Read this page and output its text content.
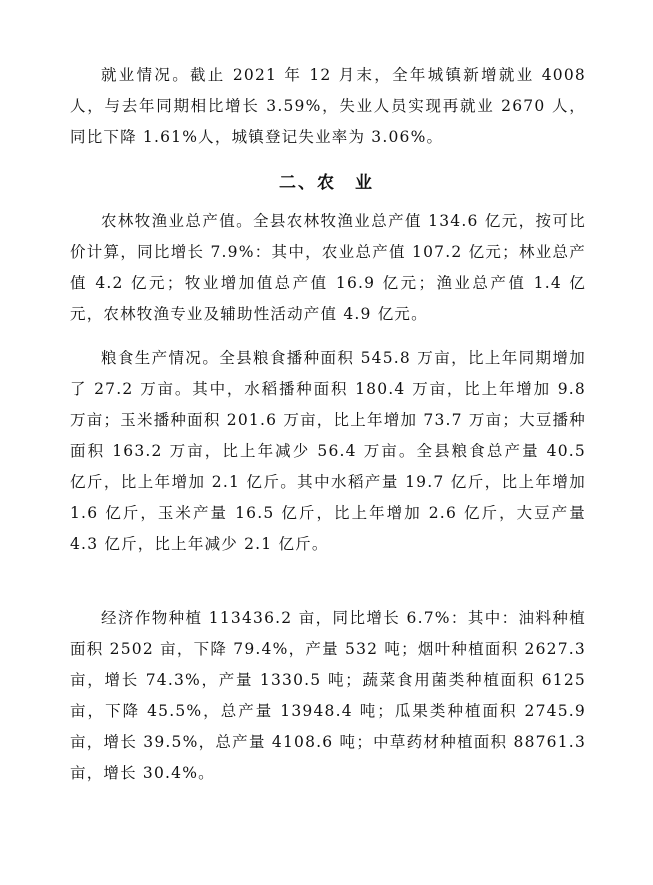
就业情况。截止 2021 年 12 月末，全年城镇新增就业 4008 人，与去年同期相比增长 3.59%，失业人员实现再就业 2670 人，同比下降 1.61%人，城镇登记失业率为 3.06%。

二、农　业

农林牧渔业总产值。全县农林牧渔业总产值 134.6 亿元，按可比价计算，同比增长 7.9%：其中，农业总产值 107.2 亿元；林业总产值 4.2 亿元；牧业增加值总产值 16.9 亿元；渔业总产值 1.4 亿元，农林牧渔专业及辅助性活动产值 4.9 亿元。

粮食生产情况。全县粮食播种面积 545.8 万亩，比上年同期增加了 27.2 万亩。其中，水稻播种面积 180.4 万亩，比上年增加 9.8 万亩；玉米播种面积 201.6 万亩，比上年增加 73.7 万亩；大豆播种面积 163.2 万亩，比上年减少 56.4 万亩。全县粮食总产量 40.5 亿斤，比上年增加 2.1 亿斤。其中水稻产量 19.7 亿斤，比上年增加 1.6 亿斤，玉米产量 16.5 亿斤，比上年增加 2.6 亿斤，大豆产量 4.3 亿斤，比上年减少 2.1 亿斤。

经济作物种植 113436.2 亩，同比增长 6.7%：其中：油料种植面积 2502 亩，下降 79.4%，产量 532 吨；烟叶种植面积 2627.3 亩，增长 74.3%，产量 1330.5 吨；蔬菜食用菌类种植面积 6125 亩，下降 45.5%，总产量 13948.4 吨；瓜果类种植面积 2745.9 亩，增长 39.5%，总产量 4108.6 吨；中草药材种植面积 88761.3 亩，增长 30.4%。
